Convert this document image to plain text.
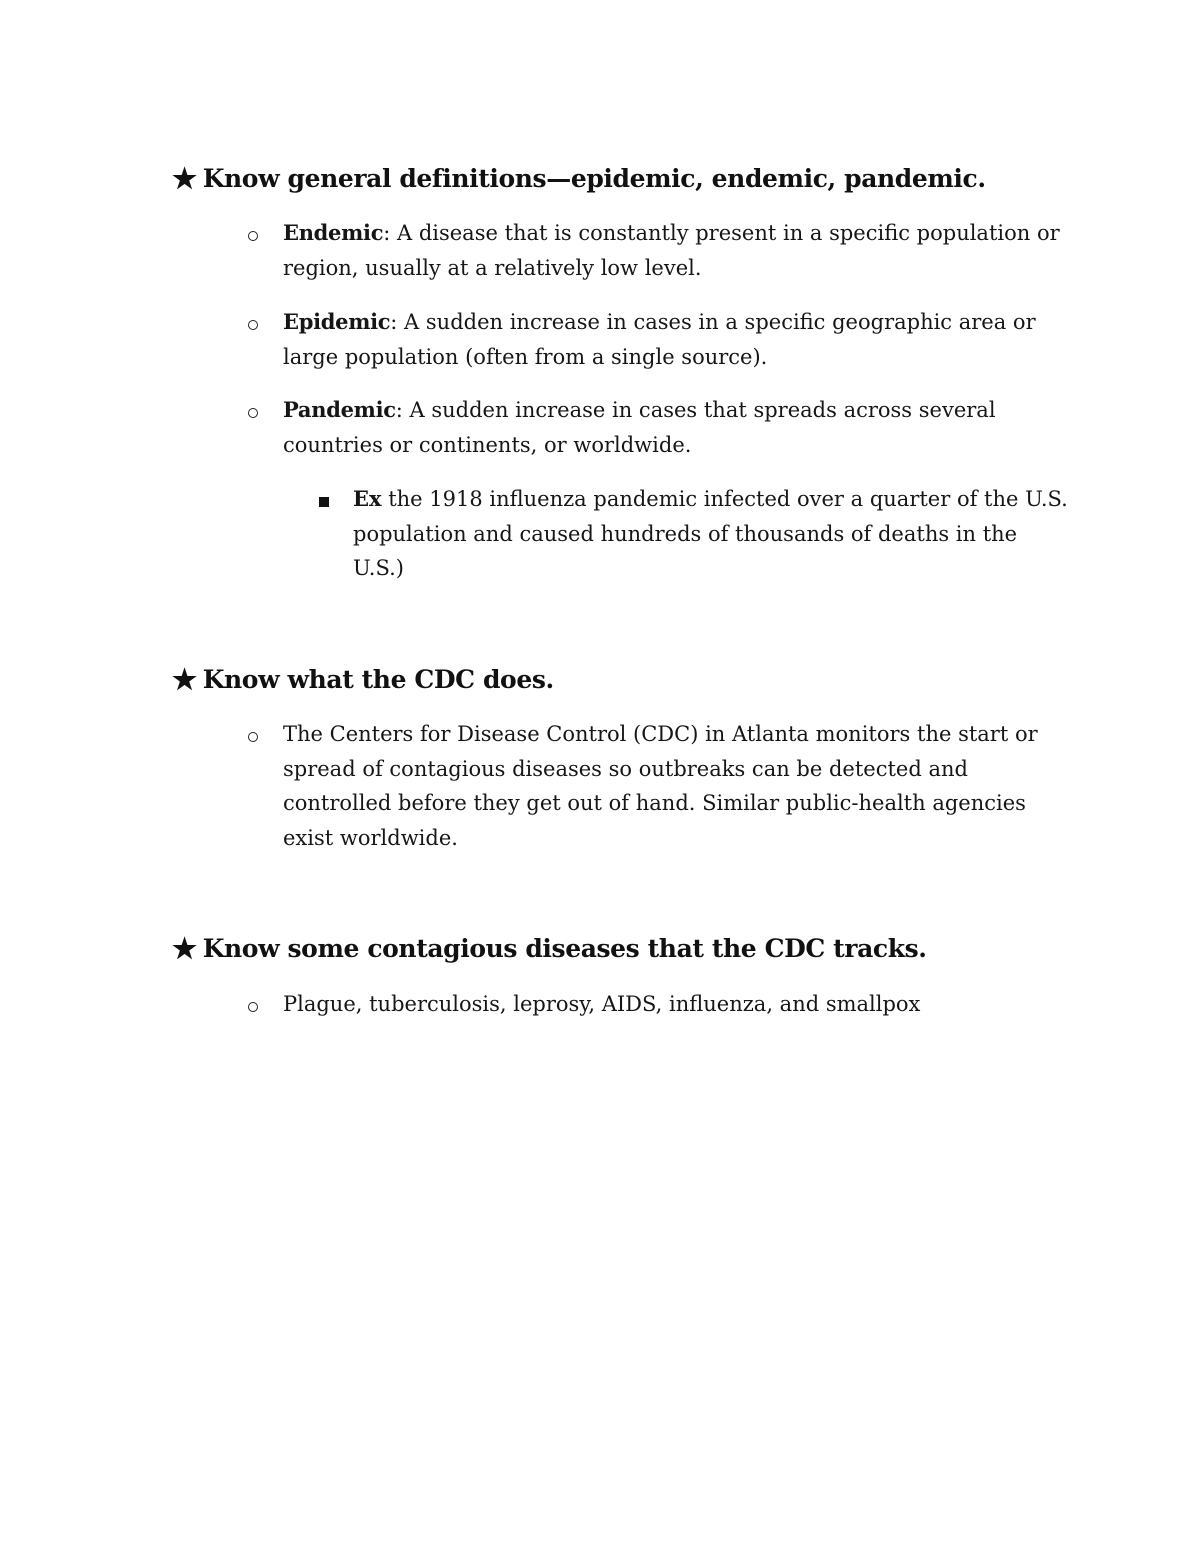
★ Know general definitions—epidemic, endemic, pandemic.
Endemic: A disease that is constantly present in a specific population or region, usually at a relatively low level.
Epidemic: A sudden increase in cases in a specific geographic area or large population (often from a single source).
Pandemic: A sudden increase in cases that spreads across several countries or continents, or worldwide.
Ex the 1918 influenza pandemic infected over a quarter of the U.S. population and caused hundreds of thousands of deaths in the U.S.)
★ Know what the CDC does.
The Centers for Disease Control (CDC) in Atlanta monitors the start or spread of contagious diseases so outbreaks can be detected and controlled before they get out of hand. Similar public-health agencies exist worldwide.
★ Know some contagious diseases that the CDC tracks.
Plague, tuberculosis, leprosy, AIDS, influenza, and smallpox
